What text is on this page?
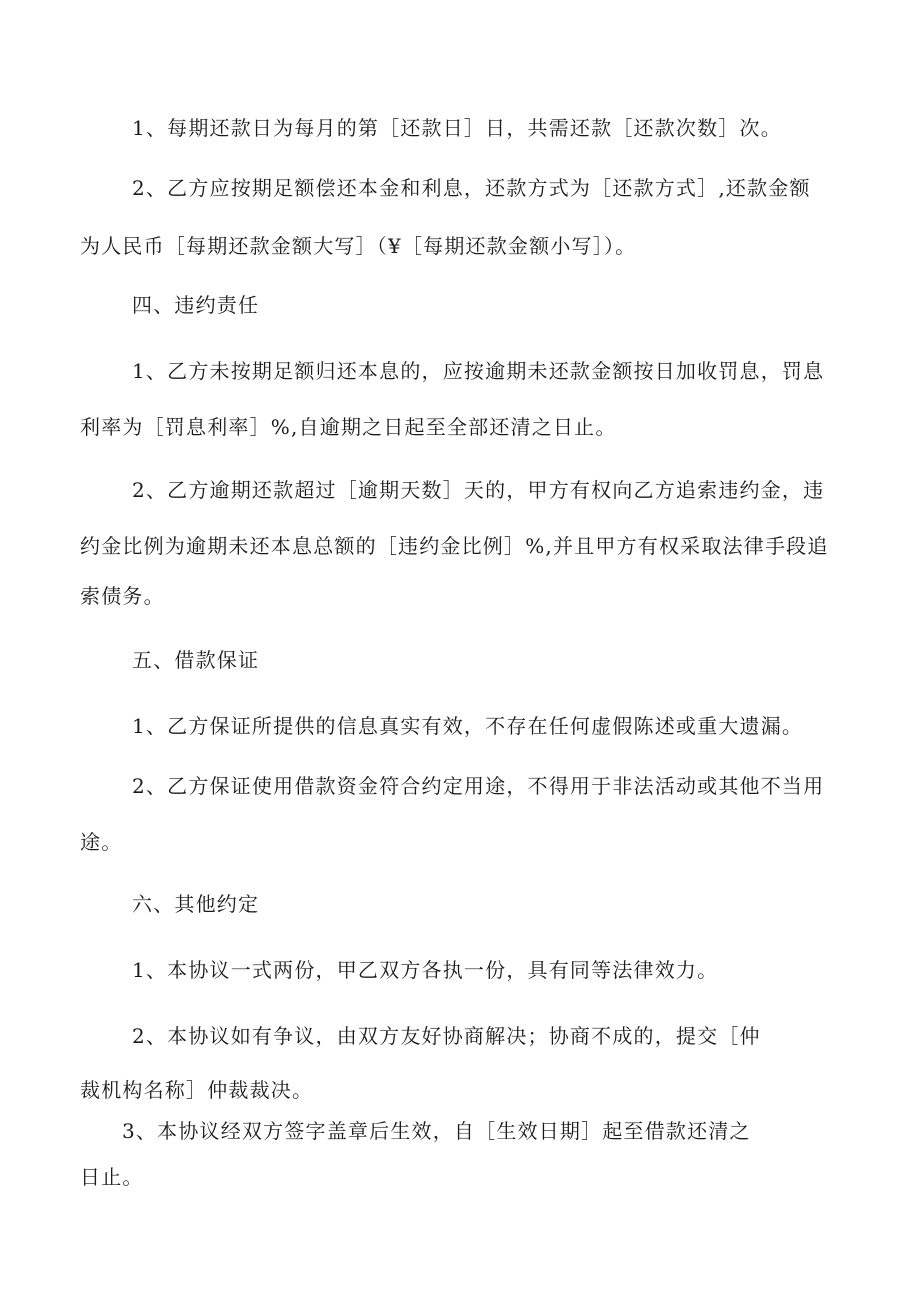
1、每期还款日为每月的第［还款日］日，共需还款［还款次数］次。
2、乙方应按期足额偿还本金和利息，还款方式为［还款方式］,还款金额
为人民币［每期还款金额大写］（¥［每期还款金额小写］）。
四、违约责任
1、乙方未按期足额归还本息的，应按逾期未还款金额按日加收罚息，罚息
利率为［罚息利率］%,自逾期之日起至全部还清之日止。
2、乙方逾期还款超过［逾期天数］天的，甲方有权向乙方追索违约金，违
约金比例为逾期未还本息总额的［违约金比例］%,并且甲方有权采取法律手段追
索债务。
五、借款保证
1、乙方保证所提供的信息真实有效，不存在任何虚假陈述或重大遗漏。
2、乙方保证使用借款资金符合约定用途，不得用于非法活动或其他不当用
途。
六、其他约定
1、本协议一式两份，甲乙双方各执一份，具有同等法律效力。
2、本协议如有争议，由双方友好协商解决；协商不成的，提交［仲
裁机构名称］仲裁裁决。
3、本协议经双方签字盖章后生效，自［生效日期］起至借款还清之
日止。
